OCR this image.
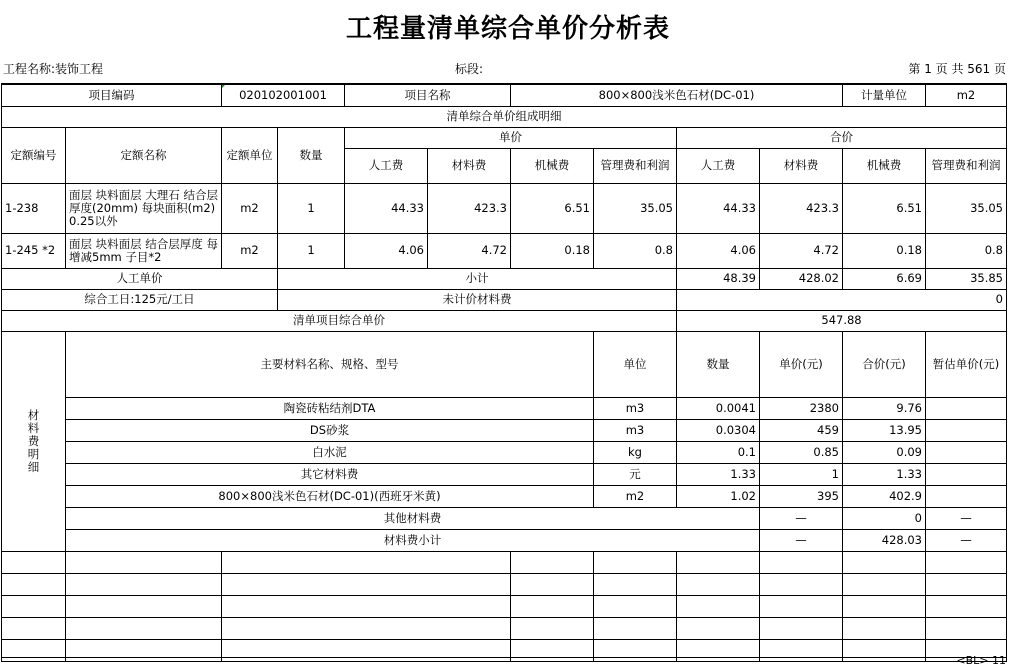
工程量清单综合单价分析表
工程名称:装饰工程	标段:	第 1 页 共 561 页
项目编码		020102001001		项目名称		800×800浅米色石材(DC-01)				计量单位	m2	
清单综合单价组成明细												
定额编号	定额名称	定额单位	数量	单价				合价				
				人工费	材料费	机械费	管理费和利润	人工费	材料费	机械费	管理费和利润	
1-238	面层 块料面层 大理石 结合层厚度(20mm) 每块面积(m2) 0.25以外	m2	1	44.33	423.3	6.51	35.05	44.33	423.3	6.51	35.05	
1-245 *2	面层 块料面层 结合层厚度 每增减5mm 子目*2	m2	1	4.06	4.72	0.18	0.8	4.06	4.72	0.18	0.8	
人工单价			小计					48.39	428.02	6.69	35.85	
综合工日:125元/工日			未计价材料费					0				
清单项目综合单价								547.88				
材
料
费
明
细	主要材料名称、规格、型号						单位	数量	单价(元)	合价(元)	暂估单价(元)	
	陶瓷砖粘结剂DTA						m3	0.0041	2380	9.76		
	DS砂浆						m3	0.0304	459	13.95		
	白水泥						kg	0.1	0.85	0.09		
	其它材料费						元	1.33	1	1.33		
	800×800浅米色石材(DC-01)(西班牙米黄)						m2	1.02	395	402.9		
	其他材料费								—	0	—	
	材料费小计								—	428.03	—	

<BL> 11
